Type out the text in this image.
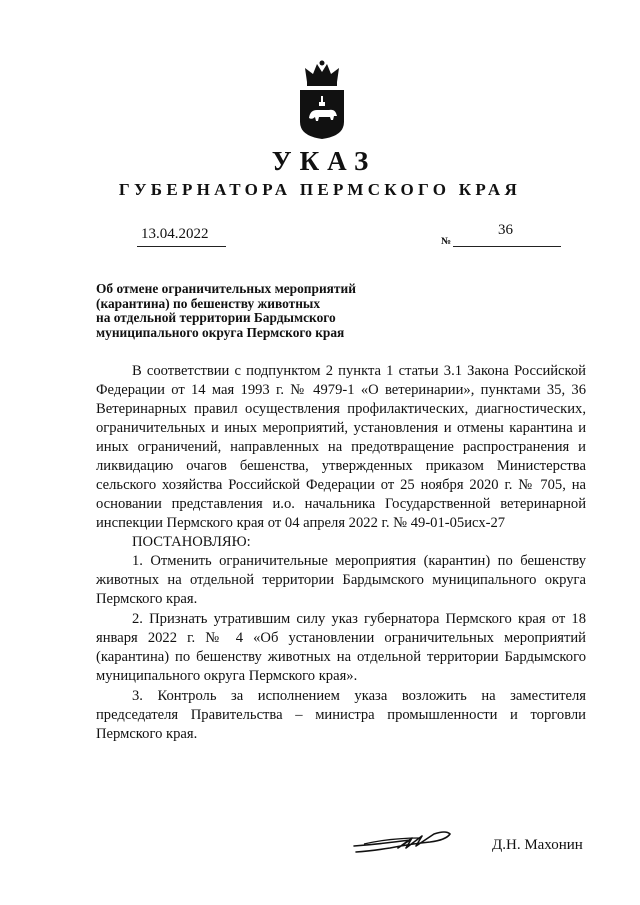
УКАЗ
ГУБЕРНАТОРА ПЕРМСКОГО КРАЯ
13.04.2022	№
36
Об отмене ограничительных мероприятий
(карантина) по бешенству животных
на отдельной территории Бардымского
муниципального округа Пермского края

В соответствии с подпунктом 2 пункта 1 статьи 3.1 Закона Российской Федерации от 14 мая 1993 г. № 4979-1 «О ветеринарии», пунктами 35, 36 Ветеринарных правил осуществления профилактических, диагностических, ограничительных и иных мероприятий, установления и отмены карантина и иных ограничений, направленных на предотвращение распространения и ликвидацию очагов бешенства, утвержденных приказом Министерства сельского хозяйства Российской Федерации от 25 ноября 2020 г. № 705, на основании представления и.о. начальника Государственной ветеринарной инспекции Пермского края от 04 апреля 2022 г. № 49-01-05исх-27

ПОСТАНОВЛЯЮ:

1. Отменить ограничительные мероприятия (карантин) по бешенству животных на отдельной территории Бардымского муниципального округа Пермского края.

2. Признать утратившим силу указ губернатора Пермского края от 18 января 2022 г. № 4 «Об установлении ограничительных мероприятий (карантина) по бешенству животных на отдельной территории Бардымского муниципального округа Пермского края».

3. Контроль за исполнением указа возложить на заместителя председателя Правительства – министра промышленности и торговли Пермского края.

Д.Н. Махонин
